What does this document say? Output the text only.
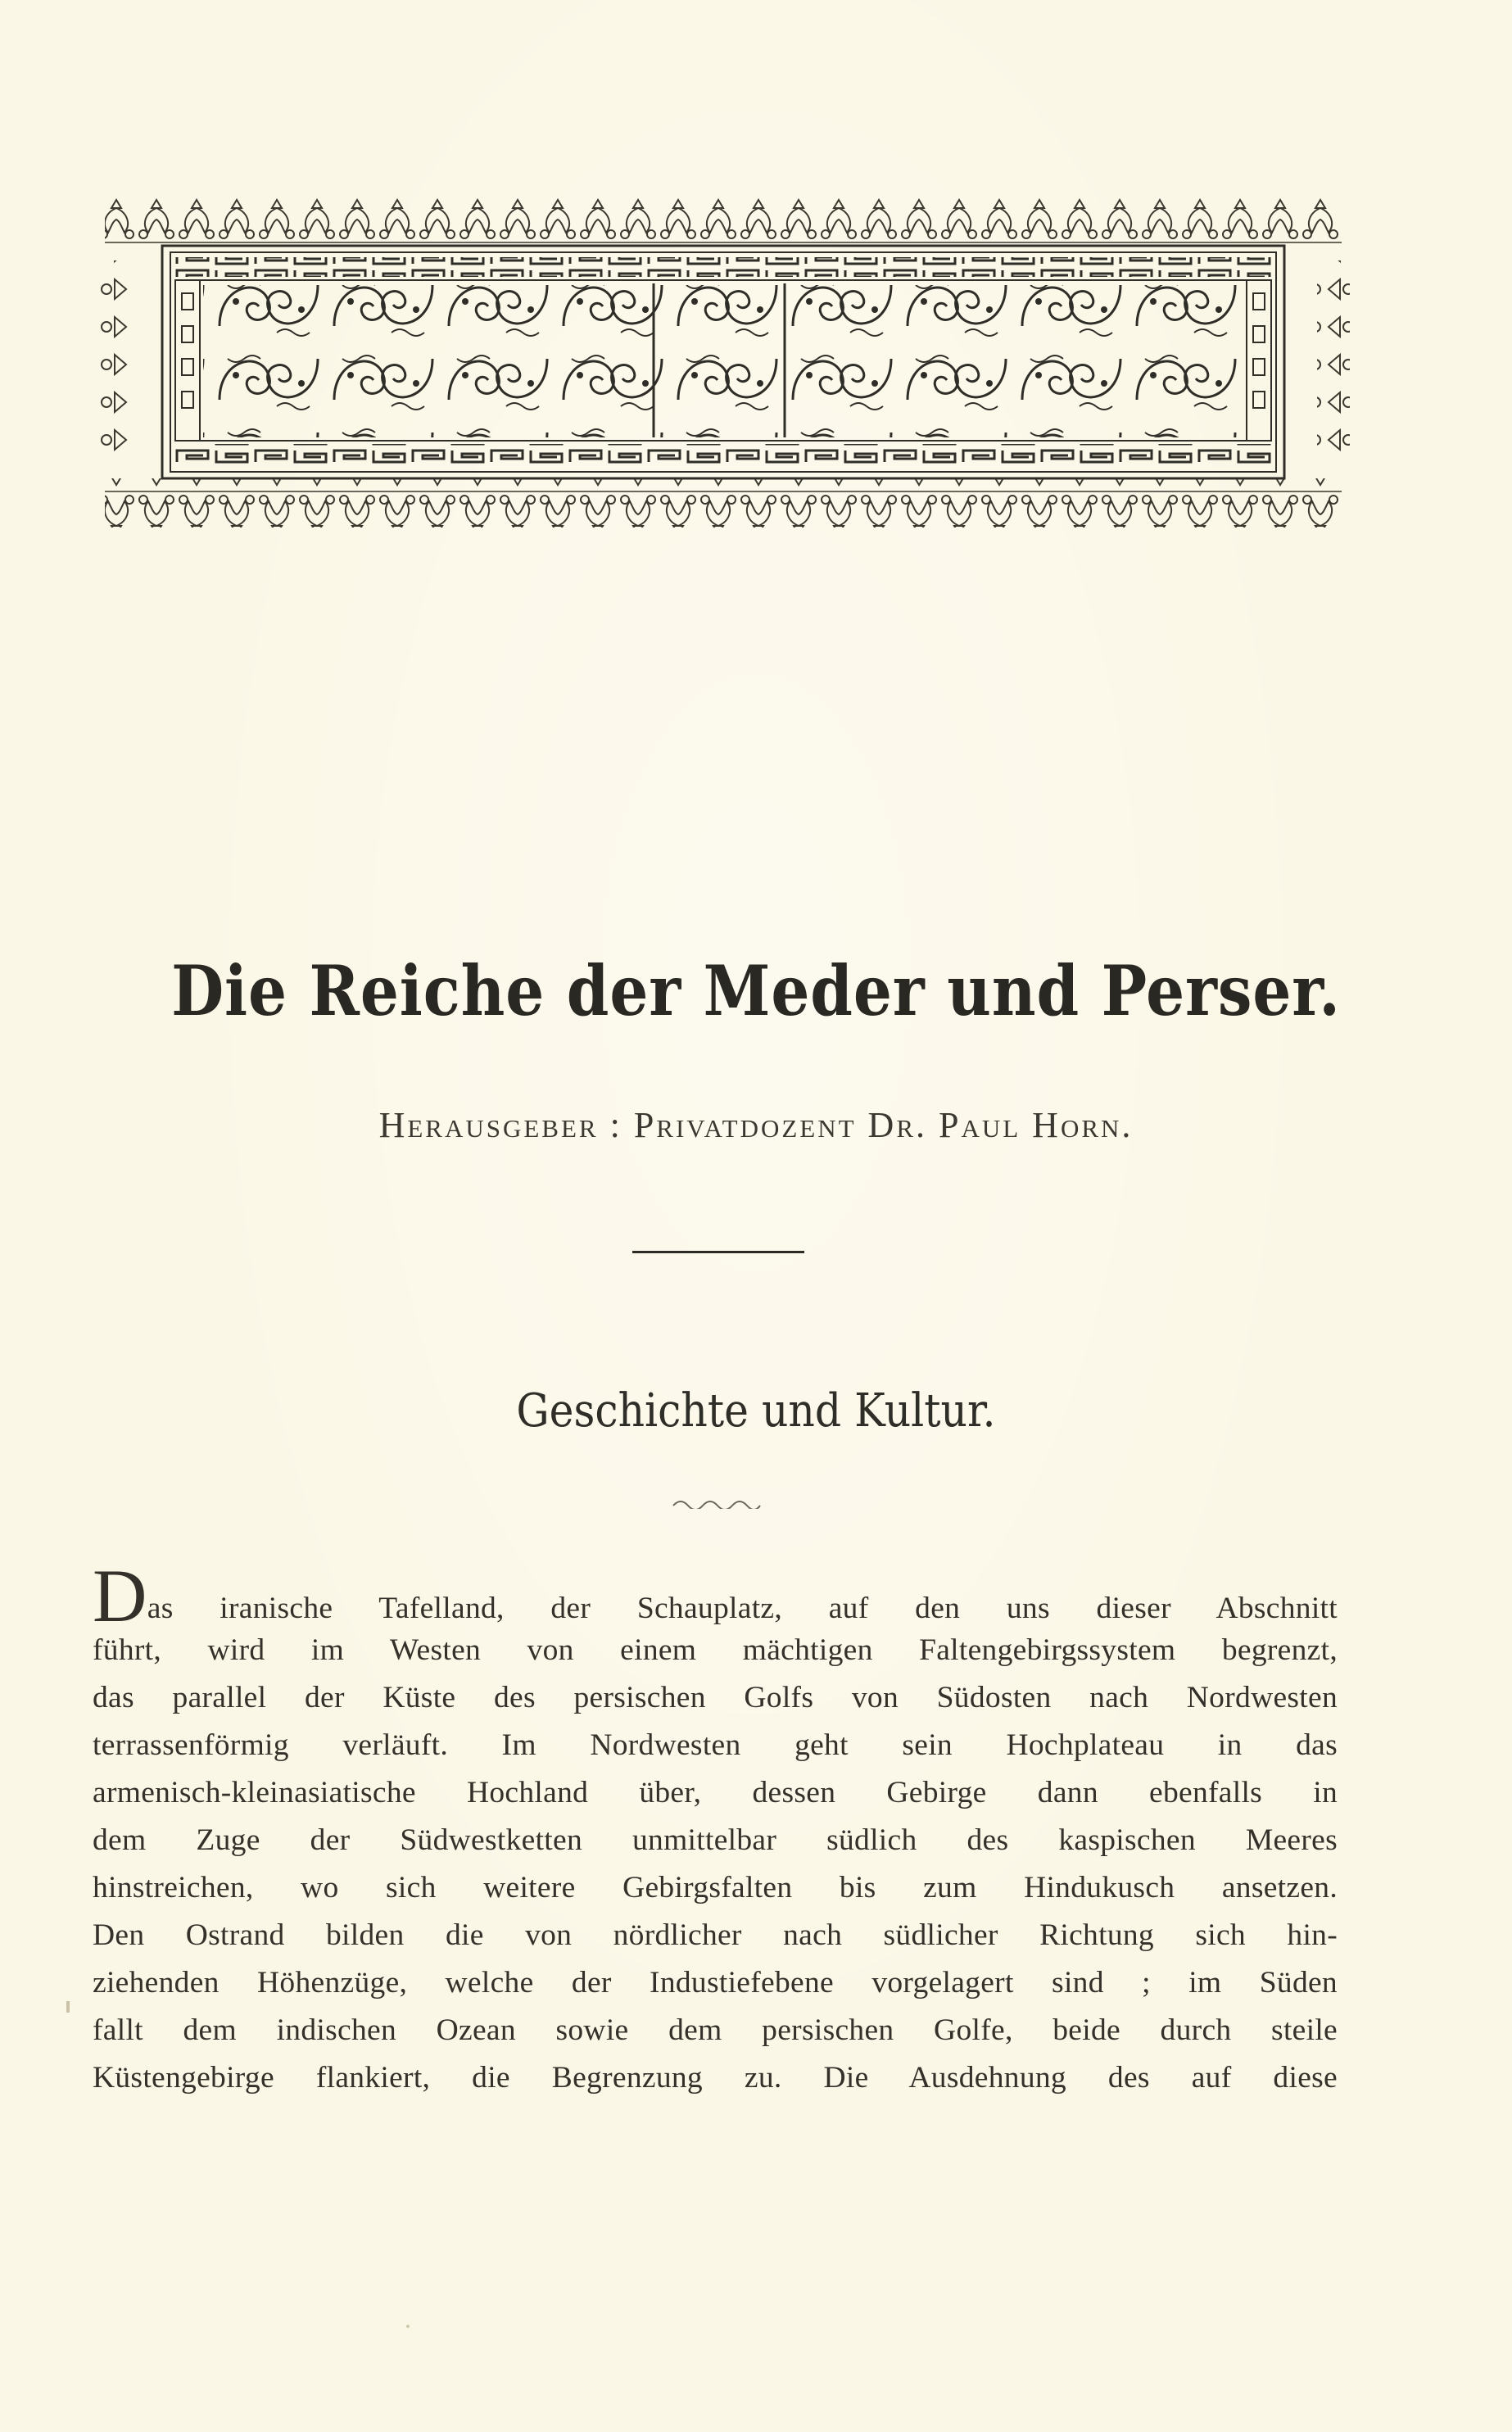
Die Reiche der Meder und Perser.
Herausgeber : Privatdozent Dr. Paul Horn.
Geschichte und Kultur.
Das iranische Tafelland, der Schauplatz, auf den uns dieser Abschnitt
führt, wird im Westen von einem mächtigen Faltengebirgssystem begrenzt,
das parallel der Küste des persischen Golfs von Südosten nach Nordwesten
terrassenförmig verläuft. Im Nordwesten geht sein Hochplateau in das
armenisch-kleinasiatische Hochland über, dessen Gebirge dann ebenfalls in
dem Zuge der Südwestketten unmittelbar südlich des kaspischen Meeres
hinstreichen, wo sich weitere Gebirgsfalten bis zum Hindukusch ansetzen.
Den Ostrand bilden die von nördlicher nach südlicher Richtung sich hin-
ziehenden Höhenzüge, welche der Industiefebene vorgelagert sind ; im Süden
fallt dem indischen Ozean sowie dem persischen Golfe, beide durch steile
Küstengebirge flankiert, die Begrenzung zu. Die Ausdehnung des auf diese
